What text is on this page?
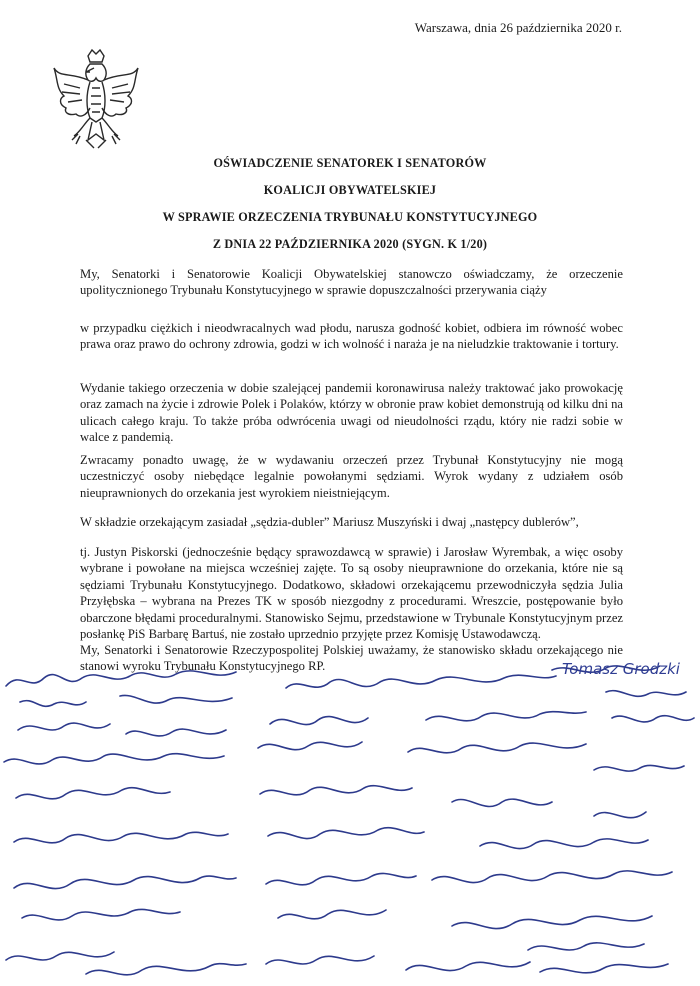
Warszawa, dnia 26 października 2020 r.
OŚWIADCZENIE SENATOREK I SENATORÓW
KOALICJI OBYWATELSKIEJ
W SPRAWIE ORZECZENIA TRYBUNAŁU KONSTYTUCYJNEGO
Z DNIA 22 PAŹDZIERNIKA 2020 (SYGN. K 1/20)
My, Senatorki i Senatorowie Koalicji Obywatelskiej stanowczo oświadczamy, że orzeczenie upolitycznionego Trybunału Konstytucyjnego w sprawie dopuszczalności przerywania ciąży
w przypadku ciężkich i nieodwracalnych wad płodu, narusza godność kobiet, odbiera im równość wobec prawa oraz prawo do ochrony zdrowia, godzi w ich wolność i naraża je na nieludzkie traktowanie i tortury.
Wydanie takiego orzeczenia w dobie szalejącej pandemii koronawirusa należy traktować jako prowokację oraz zamach na życie i zdrowie Polek i Polaków, którzy w obronie praw kobiet demonstrują od kilku dni na ulicach całego kraju. To także próba odwrócenia uwagi od nieudolności rządu, który nie radzi sobie w walce z pandemią.
Zwracamy ponadto uwagę, że w wydawaniu orzeczeń przez Trybunał Konstytucyjny nie mogą uczestniczyć osoby niebędące legalnie powołanymi sędziami. Wyrok wydany z udziałem osób nieuprawnionych do orzekania jest wyrokiem nieistniejącym.
W składzie orzekającym zasiadał „sędzia-dubler” Mariusz Muszyński i dwaj „następcy dublerów”,
tj. Justyn Piskorski (jednocześnie będący sprawozdawcą w sprawie) i Jarosław Wyrembak, a więc osoby wybrane i powołane na miejsca wcześniej zajęte. To są osoby nieuprawnione do orzekania, które nie są sędziami Trybunału Konstytucyjnego. Dodatkowo, składowi orzekającemu przewodniczyła sędzia Julia Przyłębska – wybrana na Prezes TK w sposób niezgodny z procedurami. Wreszcie, postępowanie było obarczone błędami proceduralnymi. Stanowisko Sejmu, przedstawione w Trybunale Konstytucyjnym przez posłankę PiS Barbarę Bartuś, nie zostało uprzednio przyjęte przez Komisję Ustawodawczą.
My, Senatorki i Senatorowie Rzeczypospolitej Polskiej uważamy, że stanowisko składu orzekającego nie stanowi wyroku Trybunału Konstytucyjnego RP.	Tomasz Grodzki
